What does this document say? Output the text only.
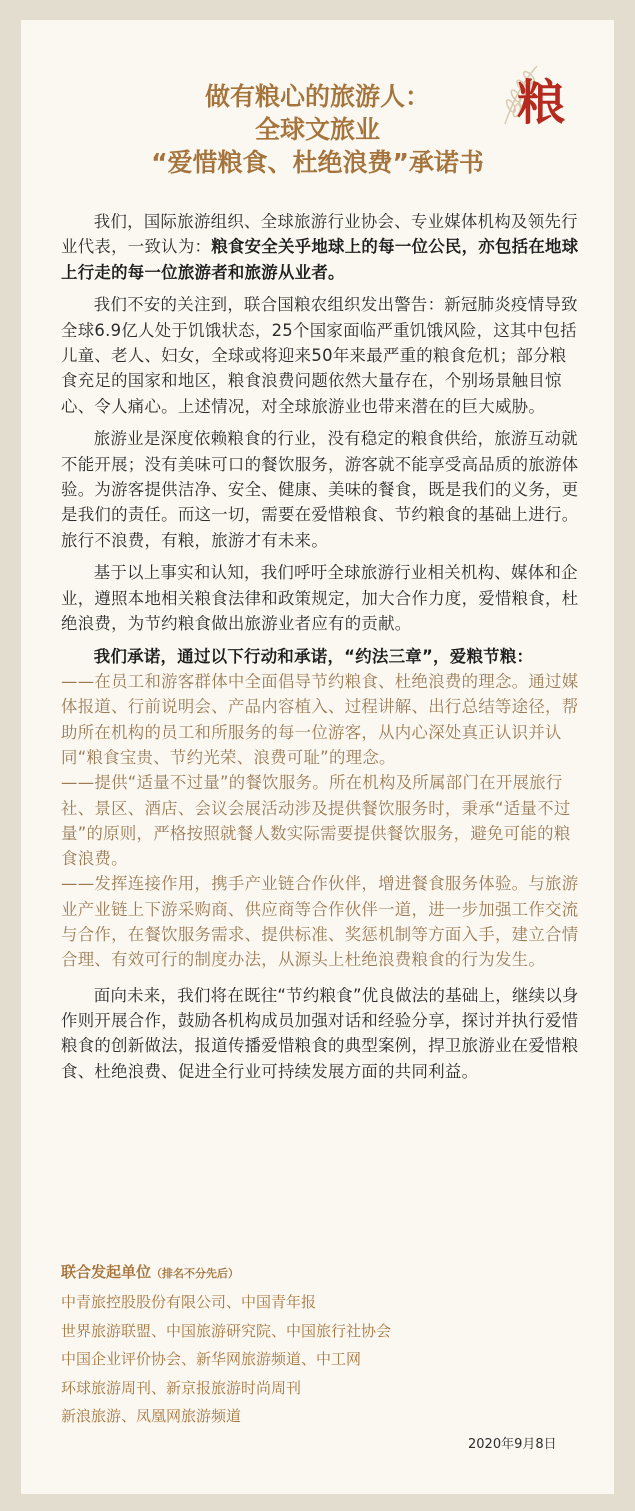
粮
做有粮心的旅游人：
全球文旅业
“爱惜粮食、杜绝浪费”承诺书

我们，国际旅游组织、全球旅游行业协会、专业媒体机构及领先行业代表，一致认为：粮食安全关乎地球上的每一位公民，亦包括在地球上行走的每一位旅游者和旅游从业者。

我们不安的关注到，联合国粮农组织发出警告：新冠肺炎疫情导致全球6.9亿人处于饥饿状态，25个国家面临严重饥饿风险，这其中包括儿童、老人、妇女，全球或将迎来50年来最严重的粮食危机；部分粮食充足的国家和地区，粮食浪费问题依然大量存在，个别场景触目惊心、令人痛心。上述情况，对全球旅游业也带来潜在的巨大威胁。

旅游业是深度依赖粮食的行业，没有稳定的粮食供给，旅游互动就不能开展；没有美味可口的餐饮服务，游客就不能享受高品质的旅游体验。为游客提供洁净、安全、健康、美味的餐食，既是我们的义务，更是我们的责任。而这一切，需要在爱惜粮食、节约粮食的基础上进行。旅行不浪费，有粮，旅游才有未来。

基于以上事实和认知，我们呼吁全球旅游行业相关机构、媒体和企业，遵照本地相关粮食法律和政策规定，加大合作力度，爱惜粮食，杜绝浪费，为节约粮食做出旅游业者应有的贡献。

我们承诺，通过以下行动和承诺，“约法三章”，爱粮节粮：

——在员工和游客群体中全面倡导节约粮食、杜绝浪费的理念。通过媒体报道、行前说明会、产品内容植入、过程讲解、出行总结等途径，帮助所在机构的员工和所服务的每一位游客，从内心深处真正认识并认同“粮食宝贵、节约光荣、浪费可耻”的理念。

——提供“适量不过量”的餐饮服务。所在机构及所属部门在开展旅行社、景区、酒店、会议会展活动涉及提供餐饮服务时，秉承“适量不过量”的原则，严格按照就餐人数实际需要提供餐饮服务，避免可能的粮食浪费。

——发挥连接作用，携手产业链合作伙伴，增进餐食服务体验。与旅游业产业链上下游采购商、供应商等合作伙伴一道，进一步加强工作交流与合作，在餐饮服务需求、提供标准、奖惩机制等方面入手，建立合情合理、有效可行的制度办法，从源头上杜绝浪费粮食的行为发生。

面向未来，我们将在既往“节约粮食”优良做法的基础上，继续以身作则开展合作，鼓励各机构成员加强对话和经验分享，探讨并执行爱惜粮食的创新做法，报道传播爱惜粮食的典型案例，捍卫旅游业在爱惜粮食、杜绝浪费、促进全行业可持续发展方面的共同利益。

联合发起单位（排名不分先后）
中青旅控股股份有限公司、中国青年报
世界旅游联盟、中国旅游研究院、中国旅行社协会
中国企业评价协会、新华网旅游频道、中工网
环球旅游周刊、新京报旅游时尚周刊
新浪旅游、凤凰网旅游频道
2020年9月8日
